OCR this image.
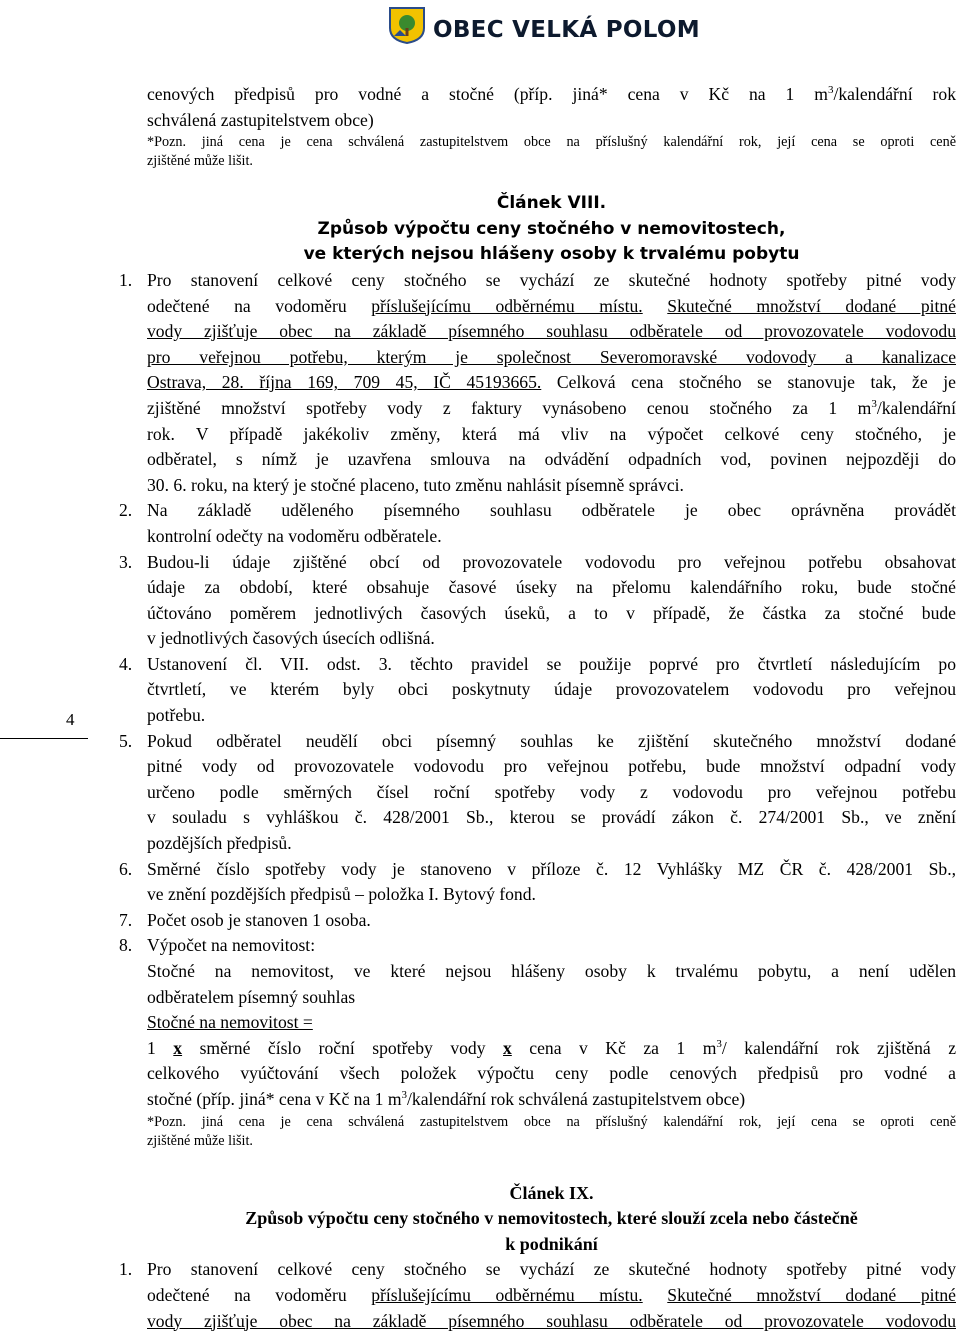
OBEC VELKÁ POLOM
4
cenových předpisů pro vodné a stočné (příp. jiná* cena v Kč na 1 $m^3$/kalendářní rok
schválená zastupitelstvem obce)
*Pozn. jiná cena je cena schválená zastupitelstvem obce na příslušný kalendářní rok, její cena se oproti ceně
zjištěné může lišit.
Článek VIII.
Způsob výpočtu ceny stočného v nemovitostech,
ve kterých nejsou hlášeny osoby k trvalému pobytu
1. Pro stanovení celkové ceny stočného se vychází ze skutečné hodnoty spotřeby pitné vody
odečtené na vodoměru příslušejícímu odběrnému místu. Skutečné množství dodané pitné
vody zjišťuje obec na základě písemného souhlasu odběratele od provozovatele vodovodu
pro veřejnou potřebu, kterým je společnost Severomoravské vodovody a kanalizace
Ostrava, 28. října 169, 709 45, IČ 45193665. Celková cena stočného se stanovuje tak, že je
zjištěné množství spotřeby vody z faktury vynásobeno cenou stočného za 1 $m^3$/kalendářní
rok. V případě jakékoliv změny, která má vliv na výpočet celkové ceny stočného, je
odběratel, s nímž je uzavřena smlouva na odvádění odpadních vod, povinen nejpozději do
30. 6. roku, na který je stočné placeno, tuto změnu nahlásit písemně správci.
2. Na základě uděleného písemného souhlasu odběratele je obec oprávněna provádět
kontrolní odečty na vodoměru odběratele.
3. Budou-li údaje zjištěné obcí od provozovatele vodovodu pro veřejnou potřebu obsahovat
údaje za období, které obsahuje časové úseky na přelomu kalendářního roku, bude stočné
účtováno poměrem jednotlivých časových úseků, a to v případě, že částka za stočné bude
v jednotlivých časových úsecích odlišná.
4. Ustanovení čl. VII. odst. 3. těchto pravidel se použije poprvé pro čtvrtletí následujícím po
čtvrtletí, ve kterém byly obci poskytnuty údaje provozovatelem vodovodu pro veřejnou
potřebu.
5. Pokud odběratel neudělí obci písemný souhlas ke zjištění skutečného množství dodané
pitné vody od provozovatele vodovodu pro veřejnou potřebu, bude množství odpadní vody
určeno podle směrných čísel roční spotřeby vody z vodovodu pro veřejnou potřebu
v souladu s vyhláškou č. 428/2001 Sb., kterou se provádí zákon č. 274/2001 Sb., ve znění
pozdějších předpisů.
6. Směrné číslo spotřeby vody je stanoveno v příloze č. 12 Vyhlášky MZ ČR č. 428/2001 Sb.,
ve znění pozdějších předpisů – položka I. Bytový fond.
7. Počet osob je stanoven 1 osoba.
8. Výpočet na nemovitost:
Stočné na nemovitost, ve které nejsou hlášeny osoby k trvalému pobytu, a není udělen
odběratelem písemný souhlas
Stočné na nemovitost =
1 x směrné číslo roční spotřeby vody x cena v Kč za 1 $m^3/$ kalendářní rok zjištěná z
celkového vyúčtování všech položek výpočtu ceny podle cenových předpisů pro vodné a
stočné (příp. jiná* cena v Kč na 1 $m^3$/kalendářní rok schválená zastupitelstvem obce)
*Pozn. jiná cena je cena schválená zastupitelstvem obce na příslušný kalendářní rok, její cena se oproti ceně
zjištěné může lišit.
Článek IX.
Způsob výpočtu ceny stočného v nemovitostech, které slouží zcela nebo částečně
k podnikání
1. Pro stanovení celkové ceny stočného se vychází ze skutečné hodnoty spotřeby pitné vody
odečtené na vodoměru příslušejícímu odběrnému místu. Skutečné množství dodané pitné
vody zjišťuje obec na základě písemného souhlasu odběratele od provozovatele vodovodu
